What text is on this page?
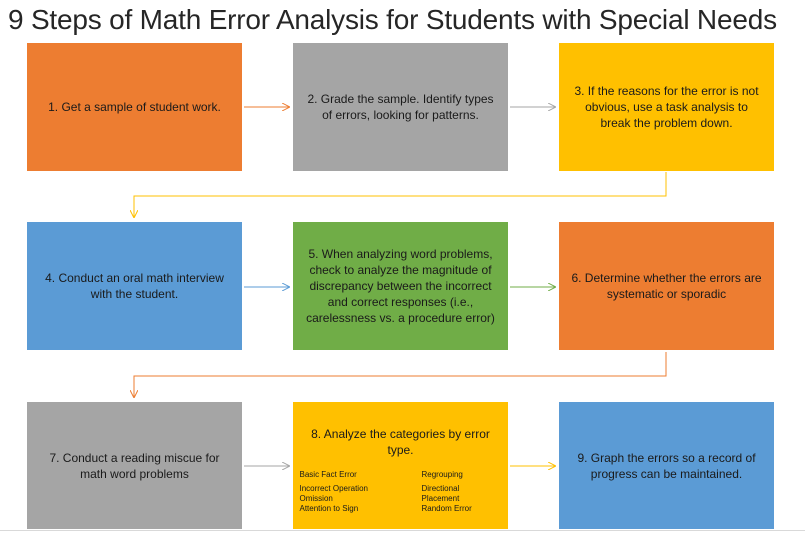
9 Steps of Math Error Analysis for Students with Special Needs
1. Get a sample of student work.
2. Grade the sample. Identify types of errors, looking for patterns.
3. If the reasons for the error is not obvious, use a task analysis to break the problem down.
4. Conduct an oral math interview with the student.
5. When analyzing word problems, check to analyze the magnitude of discrepancy between the incorrect and correct responses (i.e., carelessness vs. a procedure error)
6. Determine whether the errors are systematic or sporadic
7. Conduct a reading miscue for math word problems
8. Analyze the categories by error type.
Basic Fact Error	Regrouping
Incorrect Operation	Directional
Omission	Placement
Attention to Sign	Random Error
9. Graph the errors so a record of progress can be maintained.
